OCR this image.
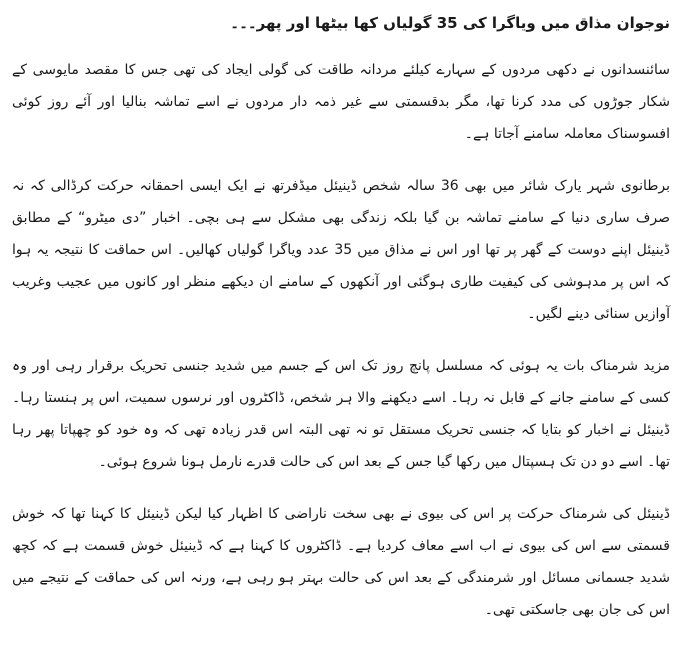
نوجوان مذاق میں ویاگرا کی 35 گولیاں کھا بیٹھا اور پھر۔۔۔

سائنسدانوں نے دکھی مردوں کے سہارے کیلئے مردانہ طاقت کی گولی ایجاد کی تھی جس کا مقصد مایوسی کے شکار جوڑوں کی مدد کرنا تھا، مگر بدقسمتی سے غیر ذمہ دار مردوں نے اسے تماشہ بنالیا اور آئے روز کوئی افسوسناک معاملہ سامنے آجاتا ہے۔

برطانوی شہر یارک شائر میں بھی 36 سالہ شخص ڈینیئل میڈفرتھ نے ایک ایسی احمقانہ حرکت کرڈالی کہ نہ صرف ساری دنیا کے سامنے تماشہ بن گیا بلکہ زندگی بھی مشکل سے ہی بچی۔ اخبار ”دی میٹرو“ کے مطابق ڈینیئل اپنے دوست کے گھر پر تھا اور اس نے مذاق میں 35 عدد ویاگرا گولیاں کھالیں۔ اس حماقت کا نتیجہ یہ ہوا کہ اس پر مدہوشی کی کیفیت طاری ہوگئی اور آنکھوں کے سامنے ان دیکھے منظر اور کانوں میں عجیب وغریب آوازیں سنائی دینے لگیں۔

مزید شرمناک بات یہ ہوئی کہ مسلسل پانچ روز تک اس کے جسم میں شدید جنسی تحریک برقرار رہی اور وہ کسی کے سامنے جانے کے قابل نہ رہا۔ اسے دیکھنے والا ہر شخص، ڈاکٹروں اور نرسوں سمیت، اس پر ہنستا رہا۔ ڈینیئل نے اخبار کو بتایا کہ جنسی تحریک مستقل تو نہ تھی البتہ اس قدر زیادہ تھی کہ وہ خود کو چھپاتا پھر رہا تھا۔ اسے دو دن تک ہسپتال میں رکھا گیا جس کے بعد اس کی حالت قدرے نارمل ہونا شروع ہوئی۔

ڈینیئل کی شرمناک حرکت پر اس کی بیوی نے بھی سخت ناراضی کا اظہار کیا لیکن ڈینیئل کا کہنا تھا کہ خوش قسمتی سے اس کی بیوی نے اب اسے معاف کردیا ہے۔ ڈاکٹروں کا کہنا ہے کہ ڈینیئل خوش قسمت ہے کہ کچھ شدید جسمانی مسائل اور شرمندگی کے بعد اس کی حالت بہتر ہو رہی ہے، ورنہ اس کی حماقت کے نتیجے میں اس کی جان بھی جاسکتی تھی۔
